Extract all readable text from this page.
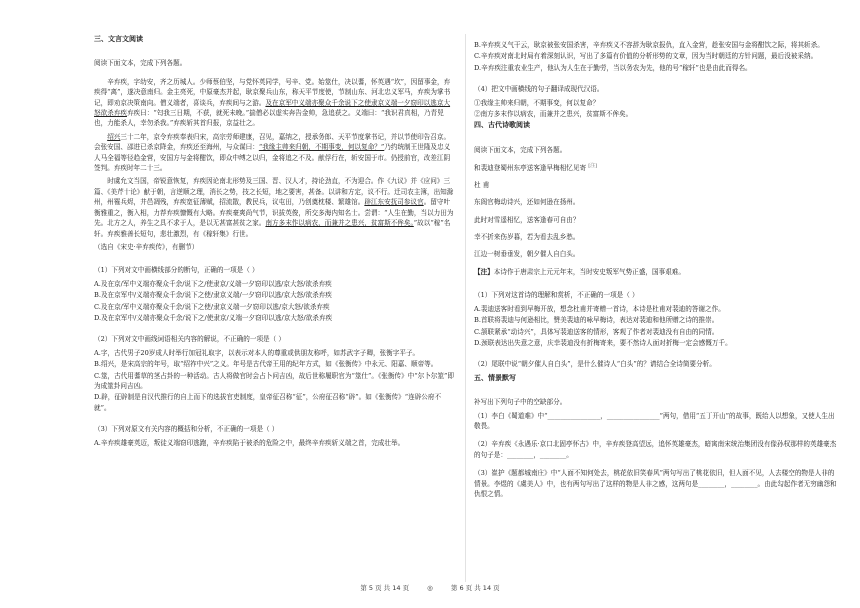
三、文言文阅读

阅读下面文本，完成下列各题。

辛弃疾，字幼安，齐之历城人。少师蔡伯坚，与党怀英同学，号辛、党。始筮仕，决以蓍，怀英遇“坎”，因留事金，弃疾得“离”，遂决意南归。金主亮死，中原豪杰并起，耿京聚兵山东，称天平节度使，节制山东、河北忠义军马，弃疾为掌书记，即劝京决策南向。僧义端者，喜谈兵，弃疾间与之游。及在京军中义端亦聚众千余说下之使隶京义端一夕窃印以逃京大怒欲杀弃疾弃疾曰：“匄我三日期，不获，就死未晚。”揣僧必以虚实奔告金帅，急追获之。义端曰：“我识君真相，乃青兕也，力能杀人，幸勿杀我。”弃疾斩其首归报，京益壮之。

绍兴三十二年，京令弃疾奉表归宋，高宗劳师建康，召见，嘉纳之，授承务郎、天平节度掌书记，并以节使印告召京。会张安国、邵进已杀京降金，弃疾还至海州，与众谋曰：“我缘主帅来归朝，不期事变，何以复命？”乃约统制王世隆及忠义人马全福等径趋金营，安国方与金将酣饮，即众中缚之以归，金将追之不及。献俘行在，斩安国于市。仍授前官，改差江阴签判。弃疾时年二十三。

时虞允文当国，帝锐意恢复，弃疾因论南北形势及三国、晋、汉人才，持论劲直，不为迎合。作《九议》并《应问》三篇、《美芹十论》献于朝，言逆顺之理，消长之势，技之长短，地之要害，甚备。以讲和方定，议不行。迁司农主簿，出知滁州，州罹兵烬，井邑凋残，弃疾宽征薄赋，招流散，教民兵，议屯田，乃创奠枕楼、繁雄馆。辟江东安抚司参议官。留守叶衡雅重之，衡入相，力荐弃疾慷慨有大略。弃疾豪爽尚气节，识拔英俊，所交多海内知名士。尝谓：“人生在勤，当以力田为先。北方之人，养生之具不求于人，是以无甚富甚贫之家。南方多末作以病农，而兼并之患兴，贫富斯不侔矣。”故以“稼”名轩。弃疾雅善长短句，悲壮激烈，有《稼轩集》行世。

（选自《宋史·辛弃疾传》，有删节）

（1）下列对文中画横线部分的断句，正确的一项是（ ）

A.及在京/军中义端亦聚众千余/说下之/使隶京/义端一夕窃印以逃/京大怒/欲杀弃疾

B.及在京军中/义端亦聚众千余/说下之使/隶京义端/一夕窃印以逃/京大怒/欲杀弃疾

C.及在京/军中义端亦聚众千余/说下之使/隶京义端一夕窃印以逃/京大怒/欲杀弃疾

D.及在京军中/义端亦聚众千余/说下之/使隶京/义端一夕窃印以逃/京大怒/欲杀弃疾

（2）下列对文中画线词语相关内容的解说，不正确的一项是（ ）

A.字，古代男子20岁成人时举行加冠礼取字，以表示对本人的尊重或供朋友称呼，如苏武字子卿，张衡字平子。

B.绍兴，是宋高宗的年号，取“绍祚中兴”之义。年号是古代帝王用的纪年方式，如《张衡传》中永元、阳嘉、顺帝等。

C.筮，古代用蓍草的茎占卦的一种活动。古人将做官时会占卜问吉凶，故后世称履职官为“筮仕”。《张衡传》中“尔卜尔筮”即为成筮卦问吉凶。

D.辟，征辟制是自汉代推行的自上而下的选拔官吏制度，皇帝征召称“征”，公府征召称“辟”。如《张衡传》“连辟公府不就”。

（3）下列对原文有关内容的概括和分析，不正确的一项是（ ）

A.辛弃疾雄豪英迈，叛徒义端窃印逃跑，辛弃疾陷于被杀的危险之中，最终辛弃疾斩义端之首，完成壮举。

B.辛弃疾义气干云，耿京被张安国杀害，辛弃疾义不容辞为耿京报仇，直入金营，趁张安国与金将酣饮之际，将其斩杀。

C.辛弃疾对南北时局有着深刻认识，写出了多篇有价值的分析形势的文章，因为当时朝廷的方针问题，最后没被采纳。

D.辛弃疾注重农业生产，他认为人生在于勤劳，当以务农为先，他的号“稼轩”也是由此而得名。

（4）把文中画横线的句子翻译成现代汉语。

①我缘主帅来归朝，不期事变，何以复命？

②南方多末作以病农，而兼并之患兴，贫富斯不侔矣。

四、古代诗歌阅读

阅读下面文本，完成下列各题。

和裴迪登蜀州东亭送客逢早梅相忆见寄 [注]

杜 甫

东阁官梅动诗兴，还如何逊在扬州。

此时对雪遥相忆，送客逢春可自由？

幸不折来伤岁暮，若为看去乱乡愁。

江边一树垂垂发，朝夕催人自白头。

【注】本诗作于唐肃宗上元元年末，当时安史叛军气势正盛，国事艰难。

（1）下列对这首诗的理解和赏析，不正确的一项是（ ）

A.裴迪送客时看到早梅开放，想念杜甫并寄赠一首诗，本诗是杜甫对裴迪的答谢之作。

B.首联将裴迪与何逊相比，赞美裴迪的咏早梅诗，表达对裴迪和他所赠之诗的推崇。

C.颔联紧承“动诗兴”，具体写裴迪送客的情形，客观了作者对裴迪没有自由的同情。

D.颈联表达出失意之意，庆幸裴迪没有折梅寄来，要不然诗人面对折梅一定会感慨万千。

（2）尾联中说“朝夕催人自白头”，是什么催诗人“白头”的？请结合全诗简要分析。

五、情景默写

补写出下列句子中的空缺部分。

（1）李白《蜀道难》中“________________，________________”两句，借用“五丁开山”的故事，既给人以想象，又使人生出敬畏。

（2）辛弃疾《永遇乐·京口北固亭怀古》中，辛弃疾登高望远，追怀英雄豪杰，暗寓南宋统治集团没有像孙权那样的英雄豪杰的句子是：________，________。

（3）崔护《题都城南庄》中“人面不知何处去，桃花依旧笑春风”两句写出了桃花依旧，但人面不见，人去楼空的物是人非的情景。李煜的《虞美人》中，也有两句写出了这样的物是人非之感，这两句是________，________。由此勾起作者无穷幽怨和仇恨之情。

第 5 页 共 14 页	◎	第 6 页 共 14 页
